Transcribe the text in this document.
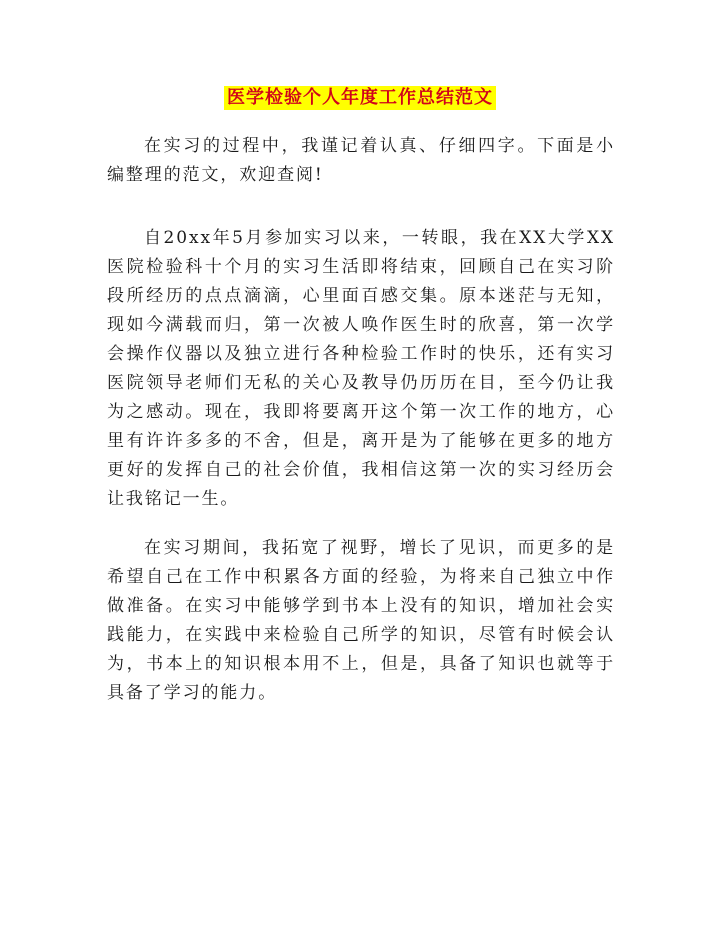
医学检验个人年度工作总结范文

在实习的过程中，我谨记着认真、仔细四字。下面是小编整理的范文，欢迎查阅!

自20xx年5月参加实习以来，一转眼，我在XX大学XX医院检验科十个月的实习生活即将结束，回顾自己在实习阶段所经历的点点滴滴，心里面百感交集。原本迷茫与无知，现如今满载而归，第一次被人唤作医生时的欣喜，第一次学会操作仪器以及独立进行各种检验工作时的快乐，还有实习医院领导老师们无私的关心及教导仍历历在目，至今仍让我为之感动。现在，我即将要离开这个第一次工作的地方，心里有许许多多的不舍，但是，离开是为了能够在更多的地方更好的发挥自己的社会价值，我相信这第一次的实习经历会让我铭记一生。

在实习期间，我拓宽了视野，增长了见识，而更多的是希望自己在工作中积累各方面的经验，为将来自己独立中作做准备。在实习中能够学到书本上没有的知识，增加社会实践能力，在实践中来检验自己所学的知识，尽管有时候会认为，书本上的知识根本用不上，但是，具备了知识也就等于具备了学习的能力。
